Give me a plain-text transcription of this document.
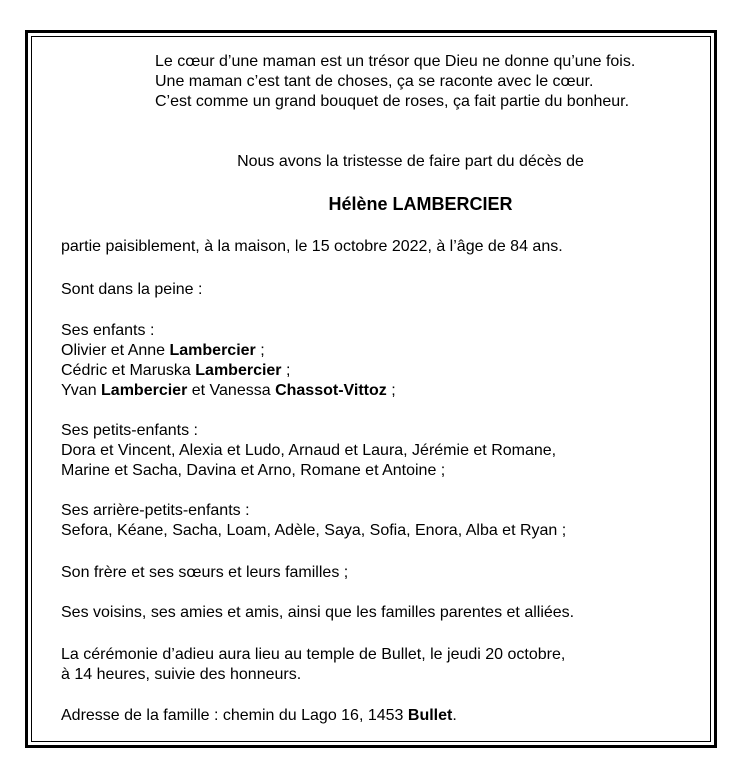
Le cœur d’une maman est un trésor que Dieu ne donne qu’une fois.
Une maman c’est tant de choses, ça se raconte avec le cœur.
C’est comme un grand bouquet de roses, ça fait partie du bonheur.
Nous avons la tristesse de faire part du décès de
Hélène LAMBERCIER
partie paisiblement, à la maison, le 15 octobre 2022, à l’âge de 84 ans.
Sont dans la peine :
Ses enfants :
Olivier et Anne Lambercier ;
Cédric et Maruska Lambercier ;
Yvan Lambercier et Vanessa Chassot-Vittoz ;
Ses petits-enfants :
Dora et Vincent, Alexia et Ludo, Arnaud et Laura, Jérémie et Romane,
Marine et Sacha, Davina et Arno, Romane et Antoine ;
Ses arrière-petits-enfants :
Sefora, Kéane, Sacha, Loam, Adèle, Saya, Sofia, Enora, Alba et Ryan ;
Son frère et ses sœurs et leurs familles ;
Ses voisins, ses amies et amis, ainsi que les familles parentes et alliées.
La cérémonie d’adieu aura lieu au temple de Bullet, le jeudi 20 octobre,
à 14 heures, suivie des honneurs.
Adresse de la famille : chemin du Lago 16, 1453 Bullet.
